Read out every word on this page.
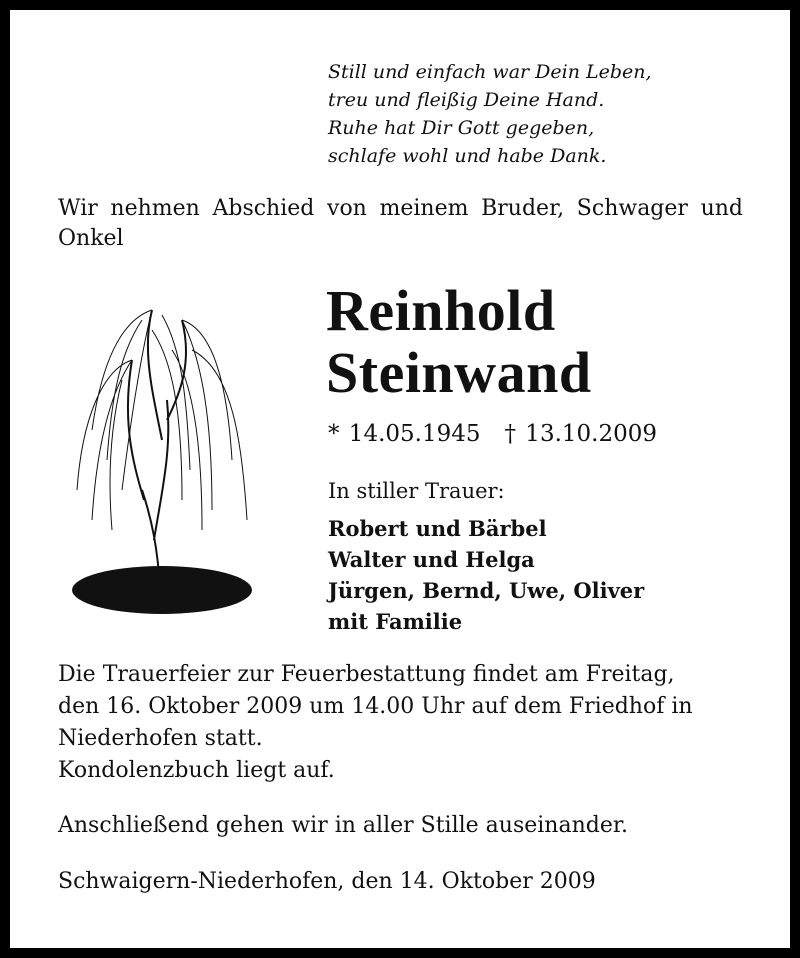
Still und einfach war Dein Leben,
treu und fleißig Deine Hand.
Ruhe hat Dir Gott gegeben,
schlafe wohl und habe Dank.
Wir nehmen Abschied von meinem Bruder, Schwager und
Onkel
Reinhold
Steinwand
* 14.05.1945 † 13.10.2009
In stiller Trauer:
Robert und Bärbel
Walter und Helga
Jürgen, Bernd, Uwe, Oliver
mit Familie
Die Trauerfeier zur Feuerbestattung findet am Freitag,
den 16. Oktober 2009 um 14.00 Uhr auf dem Friedhof in
Niederhofen statt.
Kondolenzbuch liegt auf.
Anschließend gehen wir in aller Stille auseinander.
Schwaigern-Niederhofen, den 14. Oktober 2009
